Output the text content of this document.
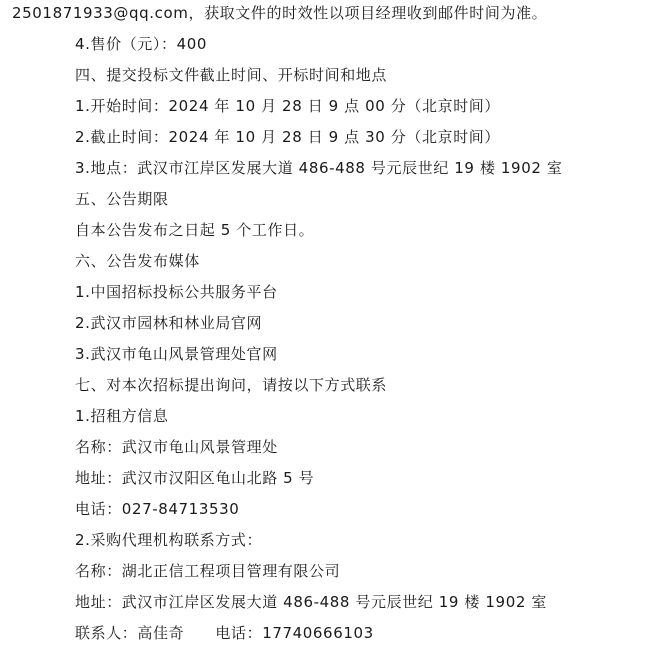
2501871933@qq.com，获取文件的时效性以项目经理收到邮件时间为准。
4.售价（元）：400
四、提交投标文件截止时间、开标时间和地点
1.开始时间：2024 年 10 月 28 日 9 点 00 分（北京时间）
2.截止时间：2024 年 10 月 28 日 9 点 30 分（北京时间）
3.地点：武汉市江岸区发展大道 486-488 号元辰世纪 19 楼 1902 室
五、公告期限
自本公告发布之日起 5 个工作日。
六、公告发布媒体
1.中国招标投标公共服务平台
2.武汉市园林和林业局官网
3.武汉市龟山风景管理处官网
七、对本次招标提出询问，请按以下方式联系
1.招租方信息
名称：武汉市龟山风景管理处
地址：武汉市汉阳区龟山北路 5 号
电话：027-84713530
2.采购代理机构联系方式：
名称：湖北正信工程项目管理有限公司
地址：武汉市江岸区发展大道 486-488 号元辰世纪 19 楼 1902 室
联系人：高佳奇　　电话：17740666103
